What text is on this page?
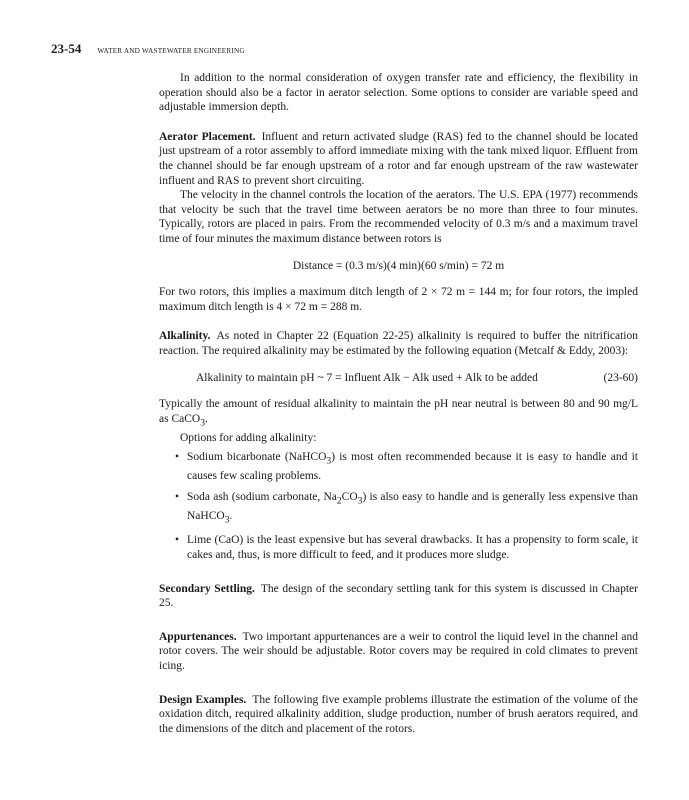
23-54 WATER AND WASTEWATER ENGINEERING

In addition to the normal consideration of oxygen transfer rate and efficiency, the flexibility in operation should also be a factor in aerator selection. Some options to consider are variable speed and adjustable immersion depth.

Aerator Placement. Influent and return activated sludge (RAS) fed to the channel should be located just upstream of a rotor assembly to afford immediate mixing with the tank mixed liquor. Effluent from the channel should be far enough upstream of a rotor and far enough upstream of the raw wastewater influent and RAS to prevent short circuiting.

The velocity in the channel controls the location of the aerators. The U.S. EPA (1977) recommends that velocity be such that the travel time between aerators be no more than three to four minutes. Typically, rotors are placed in pairs. From the recommended velocity of 0.3 m/s and a maximum travel time of four minutes the maximum distance between rotors is

Distance = (0.3 m/s)(4 min)(60 s/min) = 72 m

For two rotors, this implies a maximum ditch length of 2 × 72 m = 144 m; for four rotors, the impled maximum ditch length is 4 × 72 m = 288 m.

Alkalinity. As noted in Chapter 22 (Equation 22-25) alkalinity is required to buffer the nitrification reaction. The required alkalinity may be estimated by the following equation (Metcalf & Eddy, 2003):

Alkalinity to maintain pH ~ 7 = Influent Alk − Alk used + Alk to be added	(23-60)

Typically the amount of residual alkalinity to maintain the pH near neutral is between 80 and 90 mg/L as CaCO$_3$.

Options for adding alkalinity:

• Sodium bicarbonate (NaHCO$_3$) is most often recommended because it is easy to handle and it causes few scaling problems.
• Soda ash (sodium carbonate, $Na_2CO_3$) is also easy to handle and is generally less expensive than NaHCO$_3$.
• Lime (CaO) is the least expensive but has several drawbacks. It has a propensity to form scale, it cakes and, thus, is more difficult to feed, and it produces more sludge.

Secondary Settling. The design of the secondary settling tank for this system is discussed in Chapter 25.

Appurtenances. Two important appurtenances are a weir to control the liquid level in the channel and rotor covers. The weir should be adjustable. Rotor covers may be required in cold climates to prevent icing.

Design Examples. The following five example problems illustrate the estimation of the volume of the oxidation ditch, required alkalinity addition, sludge production, number of brush aerators required, and the dimensions of the ditch and placement of the rotors.
